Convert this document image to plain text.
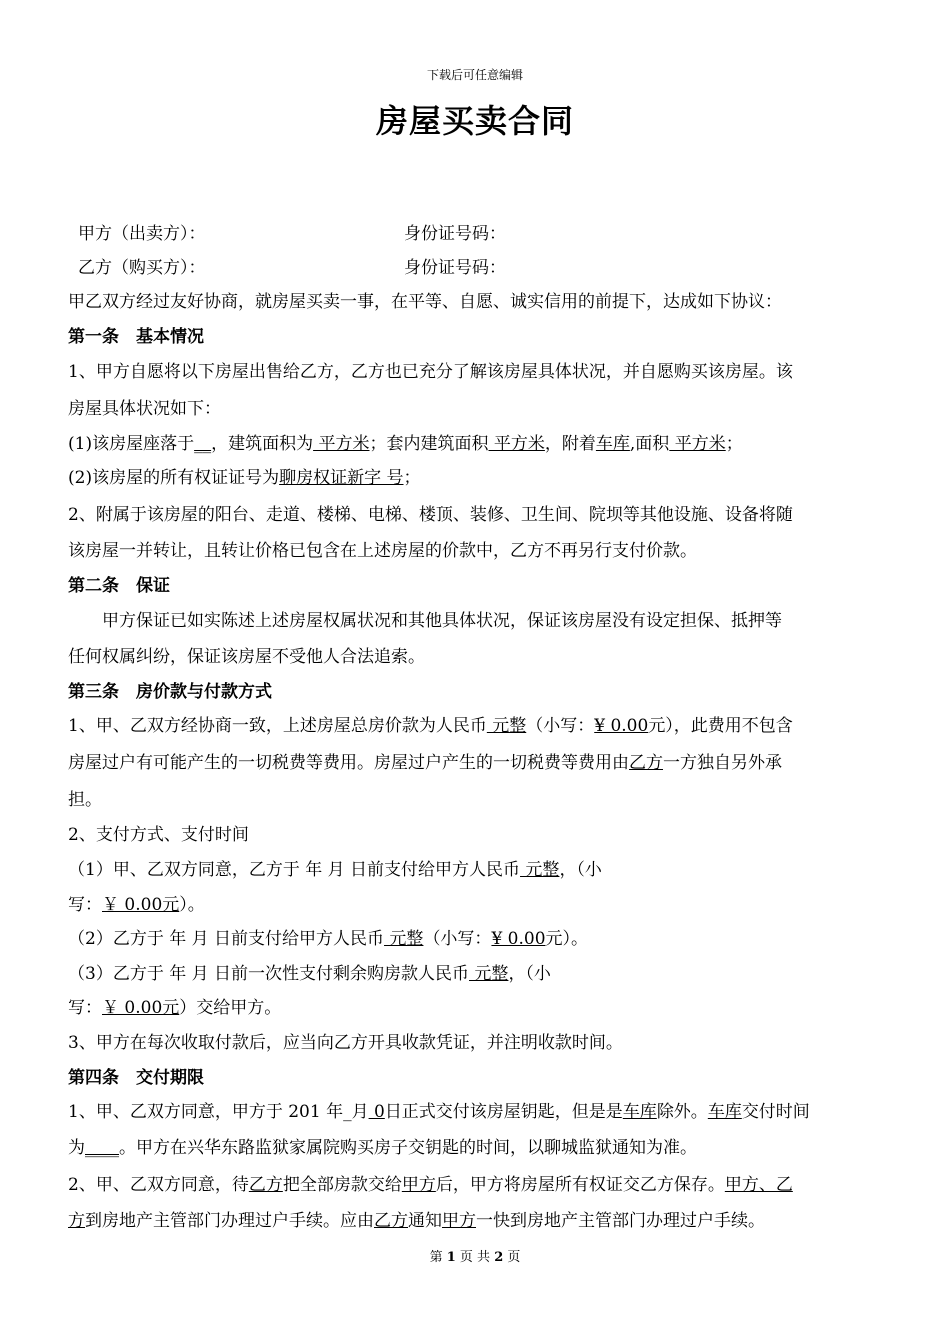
下载后可任意编辑
房屋买卖合同
甲方（出卖方）：	身份证号码：
乙方（购买方）：	身份证号码：
甲乙双方经过友好协商，就房屋买卖一事，在平等、自愿、诚实信用的前提下，达成如下协议：
第一条　基本情况
1、甲方自愿将以下房屋出售给乙方，乙方也已充分了解该房屋具体状况，并自愿购买该房屋。该
房屋具体状况如下：
(1)该房屋座落于__，建筑面积为 平方米；套内建筑面积 平方米，附着车库,面积 平方米；
(2)该房屋的所有权证证号为聊房权证新字 号；
2、附属于该房屋的阳台、走道、楼梯、电梯、楼顶、装修、卫生间、院坝等其他设施、设备将随
该房屋一并转让，且转让价格已包含在上述房屋的价款中，乙方不再另行支付价款。
第二条　保证
　　甲方保证已如实陈述上述房屋权属状况和其他具体状况，保证该房屋没有设定担保、抵押等
任何权属纠纷，保证该房屋不受他人合法追索。
第三条　房价款与付款方式
1、甲、乙双方经协商一致，上述房屋总房价款为人民币 元整（小写：¥ 0.00元），此费用不包含
房屋过户有可能产生的一切税费等费用。房屋过户产生的一切税费等费用由乙方一方独自另外承
担。
2、支付方式、支付时间
（1）甲、乙双方同意，乙方于 年 月 日前支付给甲方人民币 元整，（小
写：￥ 0.00元）。
（2）乙方于 年 月 日前支付给甲方人民币 元整（小写：¥ 0.00元）。
（3）乙方于 年 月 日前一次性支付剩余购房款人民币 元整，（小
写：￥ 0.00元）交给甲方。
3、甲方在每次收取付款后，应当向乙方开具收款凭证，并注明收款时间。
第四条　交付期限
1、甲、乙双方同意，甲方于 201 年_月 0日正式交付该房屋钥匙，但是是车库除外。车库交付时间
为____。甲方在兴华东路监狱家属院购买房子交钥匙的时间，以聊城监狱通知为准。
2、甲、乙双方同意，待乙方把全部房款交给甲方后，甲方将房屋所有权证交乙方保存。甲方、乙
方到房地产主管部门办理过户手续。应由乙方通知甲方一快到房地产主管部门办理过户手续。
第 1 页 共 2 页
